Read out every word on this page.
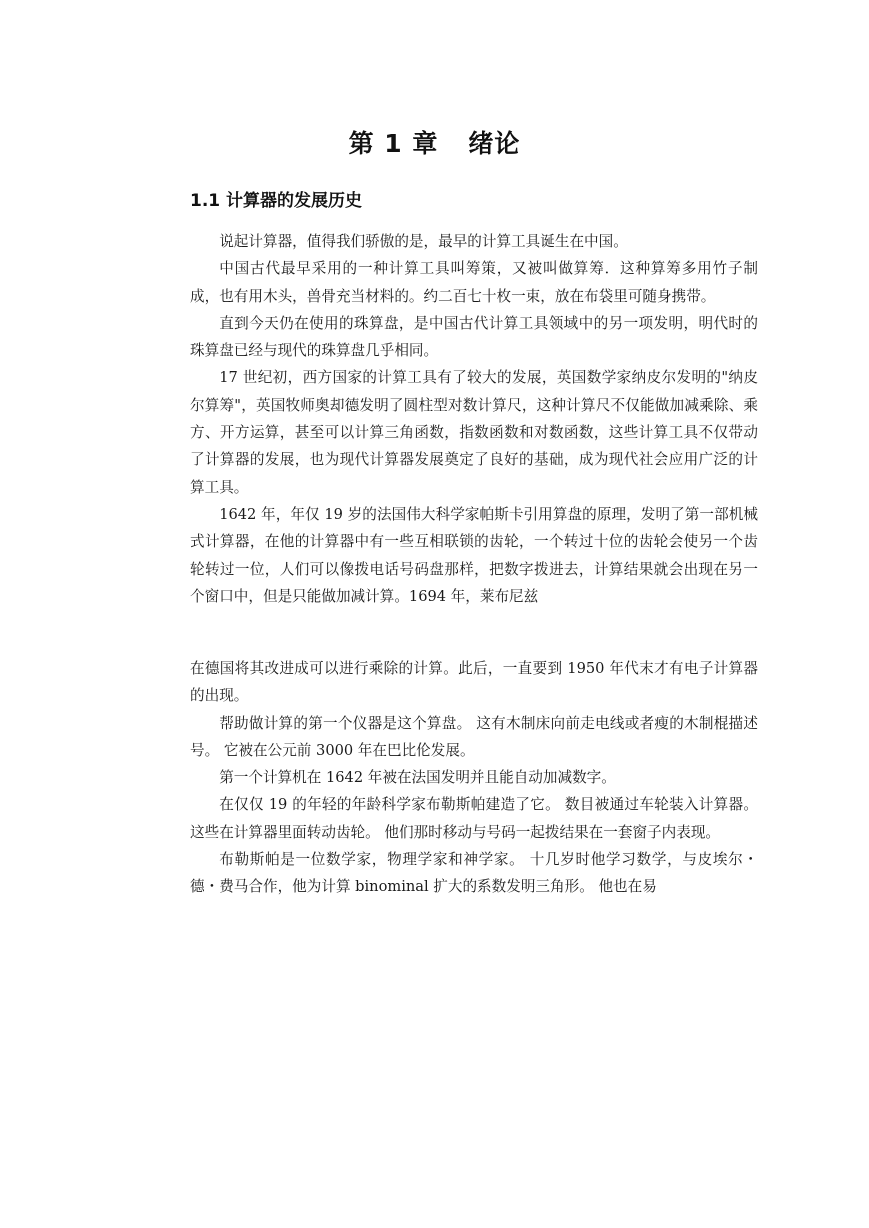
第 1 章 绪论
1.1 计算器的发展历史

说起计算器，值得我们骄傲的是，最早的计算工具诞生在中国。

中国古代最早采用的一种计算工具叫筹策，又被叫做算筹．这种算筹多用竹子制成，也有用木头，兽骨充当材料的。约二百七十枚一束，放在布袋里可随身携带。

直到今天仍在使用的珠算盘，是中国古代计算工具领域中的另一项发明，明代时的珠算盘已经与现代的珠算盘几乎相同。

17 世纪初，西方国家的计算工具有了较大的发展，英国数学家纳皮尔发明的"纳皮尔算筹"，英国牧师奥却德发明了圆柱型对数计算尺，这种计算尺不仅能做加减乘除、乘方、开方运算，甚至可以计算三角函数，指数函数和对数函数，这些计算工具不仅带动了计算器的发展，也为现代计算器发展奠定了良好的基础，成为现代社会应用广泛的计算工具。

1642 年，年仅 19 岁的法国伟大科学家帕斯卡引用算盘的原理，发明了第一部机械式计算器，在他的计算器中有一些互相联锁的齿轮，一个转过十位的齿轮会使另一个齿轮转过一位，人们可以像拨电话号码盘那样，把数字拨进去，计算结果就会出现在另一个窗口中，但是只能做加减计算。1694 年，莱布尼兹

在德国将其改进成可以进行乘除的计算。此后，一直要到 1950 年代末才有电子计算器的出现。

帮助做计算的第一个仪器是这个算盘。 这有木制床向前走电线或者瘦的木制棍描述号。 它被在公元前 3000 年在巴比伦发展。

第一个计算机在 1642 年被在法国发明并且能自动加减数字。

在仅仅 19 的年轻的年龄科学家布勒斯帕建造了它。 数目被通过车轮装入计算器。 这些在计算器里面转动齿轮。 他们那时移动与号码一起拨结果在一套窗子内表现。

布勒斯帕是一位数学家，物理学家和神学家。 十几岁时他学习数学，与皮埃尔・德・费马合作，他为计算 binominal 扩大的系数发明三角形。 他也在易
